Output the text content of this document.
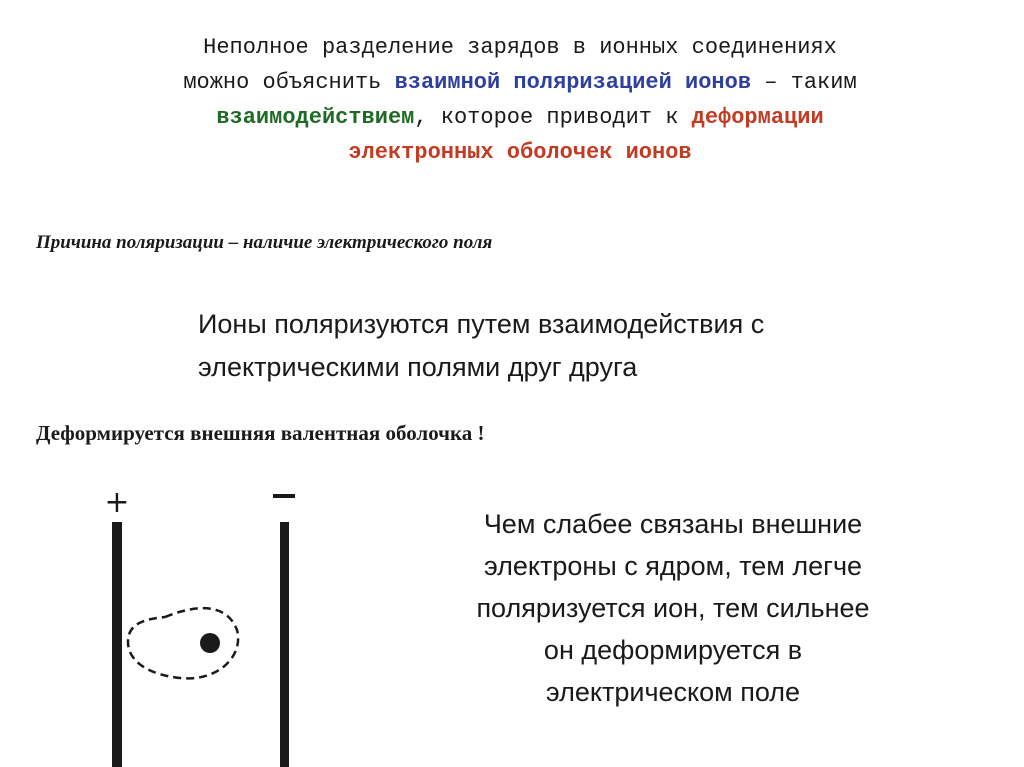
Неполное разделение зарядов в ионных соединениях
можно объяснить взаимной поляризацией ионов – таким
взаимодействием, которое приводит к деформации
электронных оболочек ионов
Причина поляризации – наличие электрического поля
Ионы поляризуются путем взаимодействия с
электрическими полями друг друга
Деформируется внешняя валентная оболочка !
+
Чем слабее связаны внешние
электроны с ядром, тем легче
поляризуется ион, тем сильнее
он деформируется в
электрическом поле
